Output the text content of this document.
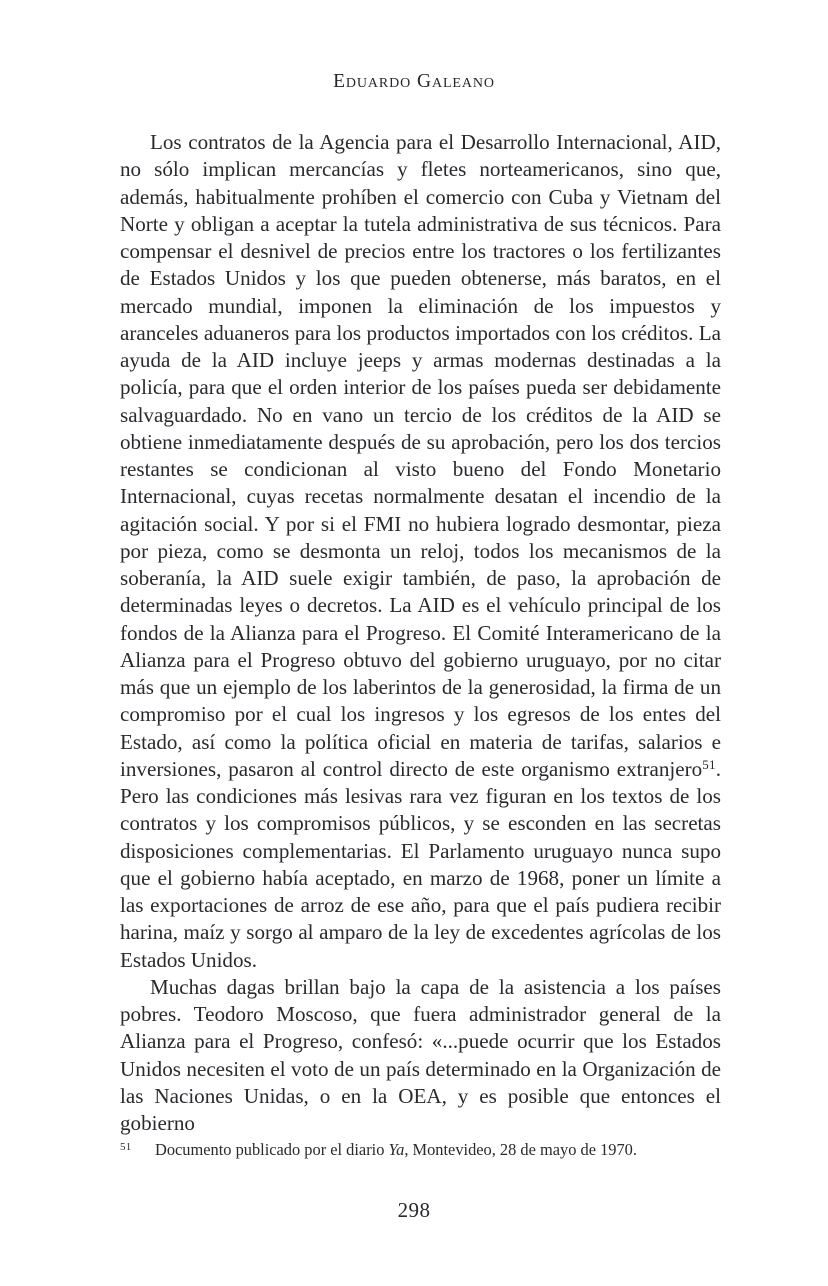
Eduardo Galeano

Los contratos de la Agencia para el Desarrollo Internacional, AID, no sólo implican mercancías y fletes norteamericanos, sino que, además, habitualmente prohíben el comercio con Cuba y Vietnam del Norte y obligan a aceptar la tutela administrativa de sus técnicos. Para compensar el desnivel de precios entre los tractores o los fertilizantes de Estados Unidos y los que pueden obtenerse, más baratos, en el mercado mundial, imponen la eliminación de los impuestos y aranceles aduaneros para los productos importados con los créditos. La ayuda de la AID incluye jeeps y armas modernas destinadas a la policía, para que el orden interior de los países pueda ser debidamente salvaguardado. No en vano un tercio de los créditos de la AID se obtiene inmediatamente después de su aprobación, pero los dos tercios restantes se condicionan al visto bueno del Fondo Monetario Internacional, cuyas recetas normalmente desatan el incendio de la agitación social. Y por si el FMI no hubiera logrado desmontar, pieza por pieza, como se desmonta un reloj, todos los mecanismos de la soberanía, la AID suele exigir también, de paso, la aprobación de determinadas leyes o decretos. La AID es el vehículo principal de los fondos de la Alianza para el Progreso. El Comité Interamericano de la Alianza para el Progreso obtuvo del gobierno uruguayo, por no citar más que un ejemplo de los laberintos de la generosidad, la firma de un compromiso por el cual los ingresos y los egresos de los entes del Estado, así como la política oficial en materia de tarifas, salarios e inversiones, pasaron al control directo de este organismo extranjero$^{51}$. Pero las condiciones más lesivas rara vez figuran en los textos de los contratos y los compromisos públicos, y se esconden en las secretas disposiciones complementarias. El Parlamento uruguayo nunca supo que el gobierno había aceptado, en marzo de 1968, poner un límite a las exportaciones de arroz de ese año, para que el país pudiera recibir harina, maíz y sorgo al amparo de la ley de excedentes agrícolas de los Estados Unidos.

Muchas dagas brillan bajo la capa de la asistencia a los países pobres. Teodoro Moscoso, que fuera administrador general de la Alianza para el Progreso, confesó: «...puede ocurrir que los Estados Unidos necesiten el voto de un país determinado en la Organización de las Naciones Unidas, o en la OEA, y es posible que entonces el gobierno

51 Documento publicado por el diario Ya, Montevideo, 28 de mayo de 1970.
298
